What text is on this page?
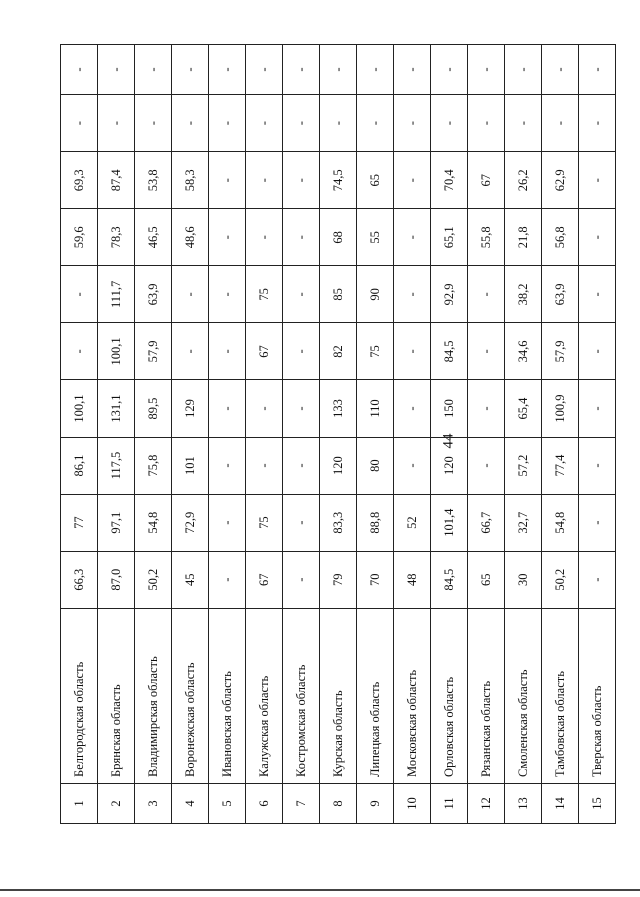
44
1	Белгородская область	66,3	77	86,1	100,1	-	-	59,6	69,3	-	-
2	Брянская область	87,0	97,1	117,5	131,1	100,1	111,7	78,3	87,4	-	-
3	Владимирская область	50,2	54,8	75,8	89,5	57,9	63,9	46,5	53,8	-	-
4	Воронежская область	45	72,9	101	129	-	-	48,6	58,3	-	-
5	Ивановская область	-	-	-	-	-	-	-	-	-	-
6	Калужская область	67	75	-	-	67	75	-	-	-	-
7	Костромская область	-	-	-	-	-	-	-	-	-	-
8	Курская область	79	83,3	120	133	82	85	68	74,5	-	-
9	Липецкая область	70	88,8	80	110	75	90	55	65	-	-
10	Московская область	48	52	-	-	-	-	-	-	-	-
11	Орловская область	84,5	101,4	120	150	84,5	92,9	65,1	70,4	-	-
12	Рязанская область	65	66,7	-	-	-	-	55,8	67	-	-
13	Смоленская область	30	32,7	57,2	65,4	34,6	38,2	21,8	26,2	-	-
14	Тамбовская область	50,2	54,8	77,4	100,9	57,9	63,9	56,8	62,9	-	-
15	Тверская область	-	-	-	-	-	-	-	-	-	-
